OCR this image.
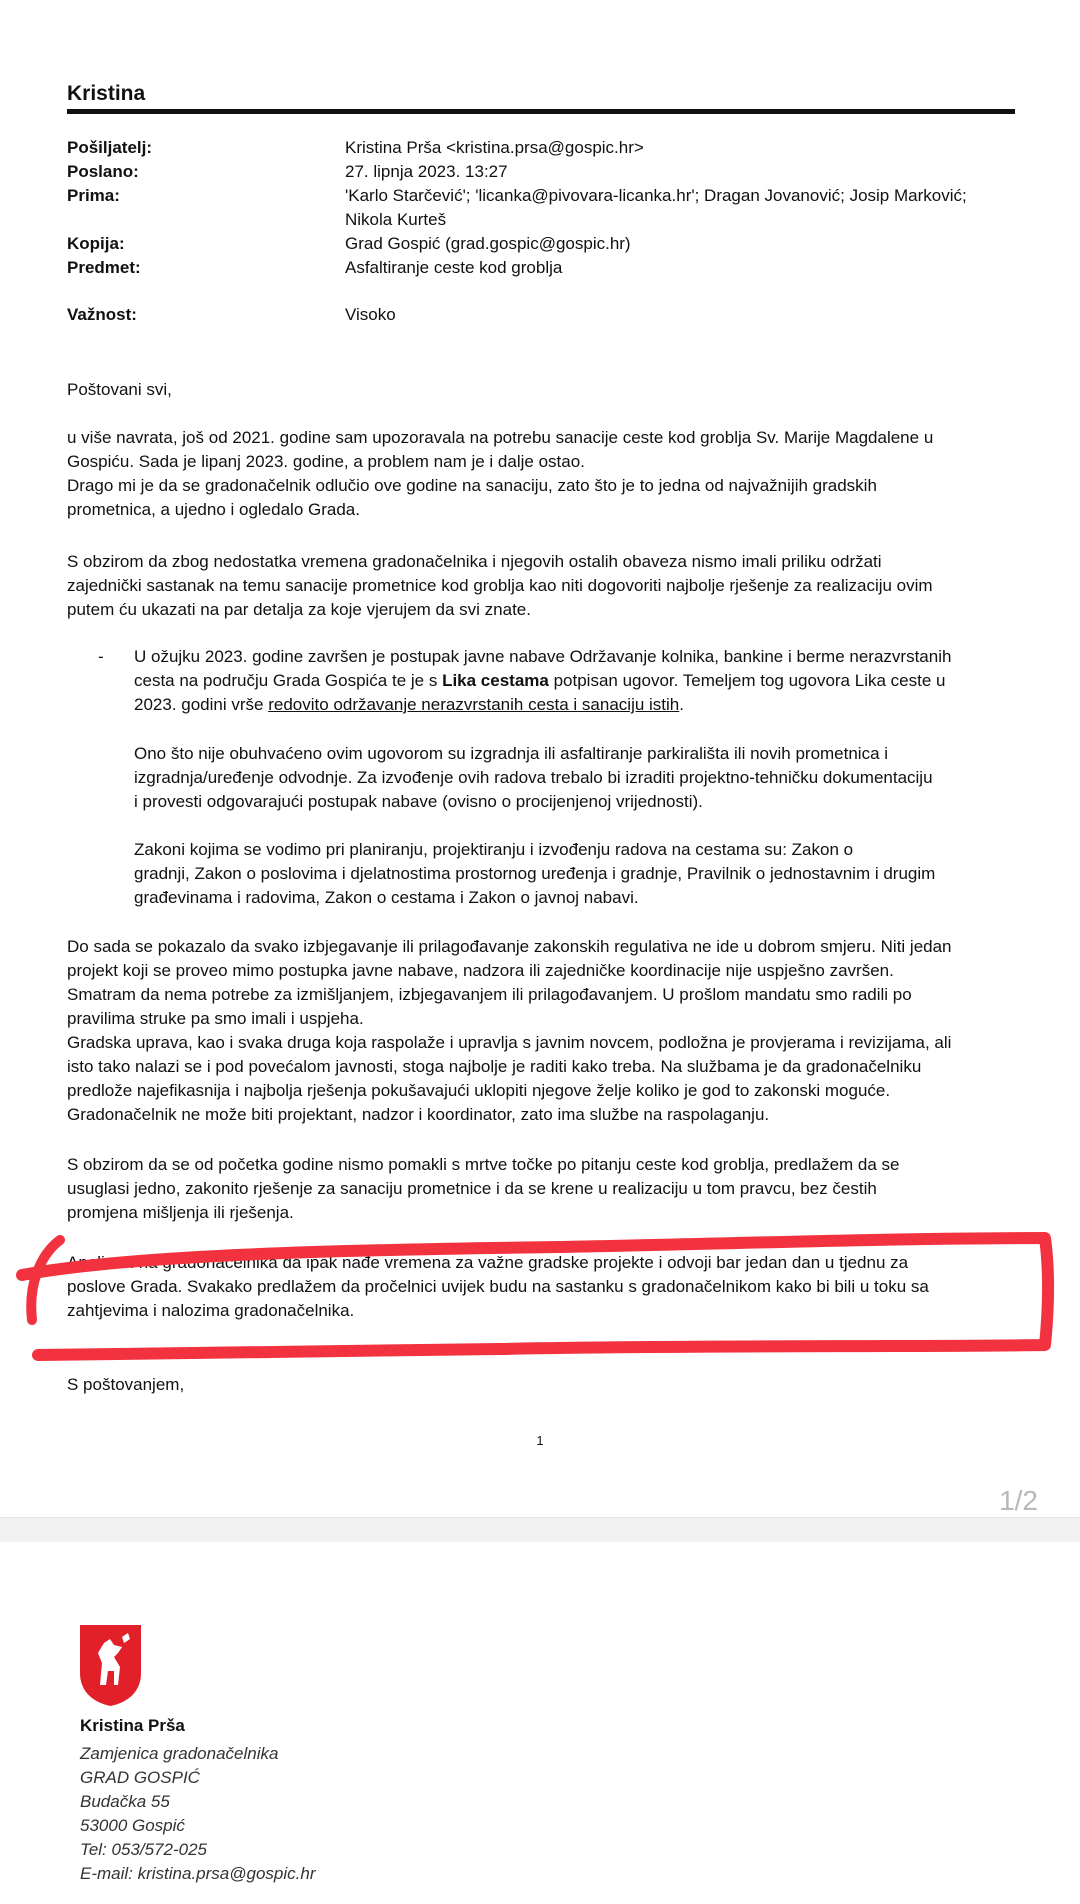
Kristina
Pošiljatelj:	Kristina Prša <kristina.prsa@gospic.hr>
Poslano:	27. lipnja 2023. 13:27
Prima:	'Karlo Starčević'; 'licanka@pivovara-licanka.hr'; Dragan Jovanović; Josip Marković;
Nikola Kurteš
Kopija:	Grad Gospić (grad.gospic@gospic.hr)
Predmet:	Asfaltiranje ceste kod groblja
Važnost:	Visoko
Poštovani svi,
u više navrata, još od 2021. godine sam upozoravala na potrebu sanacije ceste kod groblja Sv. Marije Magdalene u
Gospiću. Sada je lipanj 2023. godine, a problem nam je i dalje ostao.
Drago mi je da se gradonačelnik odlučio ove godine na sanaciju, zato što je to jedna od najvažnijih gradskih
prometnica, a ujedno i ogledalo Grada.
S obzirom da zbog nedostatka vremena gradonačelnika i njegovih ostalih obaveza nismo imali priliku održati
zajednički sastanak na temu sanacije prometnice kod groblja kao niti dogovoriti najbolje rješenje za realizaciju ovim
putem ću ukazati na par detalja za koje vjerujem da svi znate.
- U ožujku 2023. godine završen je postupak javne nabave Održavanje kolnika, bankine i berme nerazvrstanih
cesta na području Grada Gospića te je s Lika cestama potpisan ugovor. Temeljem tog ugovora Lika ceste u
2023. godini vrše redovito održavanje nerazvrstanih cesta i sanaciju istih.
Ono što nije obuhvaćeno ovim ugovorom su izgradnja ili asfaltiranje parkirališta ili novih prometnica i
izgradnja/uređenje odvodnje. Za izvođenje ovih radova trebalo bi izraditi projektno-tehničku dokumentaciju
i provesti odgovarajući postupak nabave (ovisno o procijenjenoj vrijednosti).
Zakoni kojima se vodimo pri planiranju, projektiranju i izvođenju radova na cestama su: Zakon o
gradnji, Zakon o poslovima i djelatnostima prostornog uređenja i gradnje, Pravilnik o jednostavnim i drugim
građevinama i radovima, Zakon o cestama i Zakon o javnoj nabavi.
Do sada se pokazalo da svako izbjegavanje ili prilagođavanje zakonskih regulativa ne ide u dobrom smjeru. Niti jedan
projekt koji se proveo mimo postupka javne nabave, nadzora ili zajedničke koordinacije nije uspješno završen.
Smatram da nema potrebe za izmišljanjem, izbjegavanjem ili prilagođavanjem. U prošlom mandatu smo radili po
pravilima struke pa smo imali i uspjeha.
Gradska uprava, kao i svaka druga koja raspolaže i upravlja s javnim novcem, podložna je provjerama i revizijama, ali
isto tako nalazi se i pod povećalom javnosti, stoga najbolje je raditi kako treba. Na službama je da gradonačelniku
predlože najefikasnija i najbolja rješenja pokušavajući uklopiti njegove želje koliko je god to zakonski moguće.
Gradonačelnik ne može biti projektant, nadzor i koordinator, zato ima službe na raspolaganju.
S obzirom da se od početka godine nismo pomakli s mrtve točke po pitanju ceste kod groblja, predlažem da se
usuglasi jedno, zakonito rješenje za sanaciju prometnice i da se krene u realizaciju u tom pravcu, bez čestih
promjena mišljenja ili rješenja.
Apeliram na gradonačelnika da ipak nađe vremena za važne gradske projekte i odvoji bar jedan dan u tjednu za
poslove Grada. Svakako predlažem da pročelnici uvijek budu na sastanku s gradonačelnikom kako bi bili u toku sa
zahtjevima i nalozima gradonačelnika.
S poštovanjem,
1
1/2
Kristina Prša
Zamjenica gradonačelnika
GRAD GOSPIĆ
Budačka 55
53000 Gospić
Tel: 053/572-025
E-mail: kristina.prsa@gospic.hr
